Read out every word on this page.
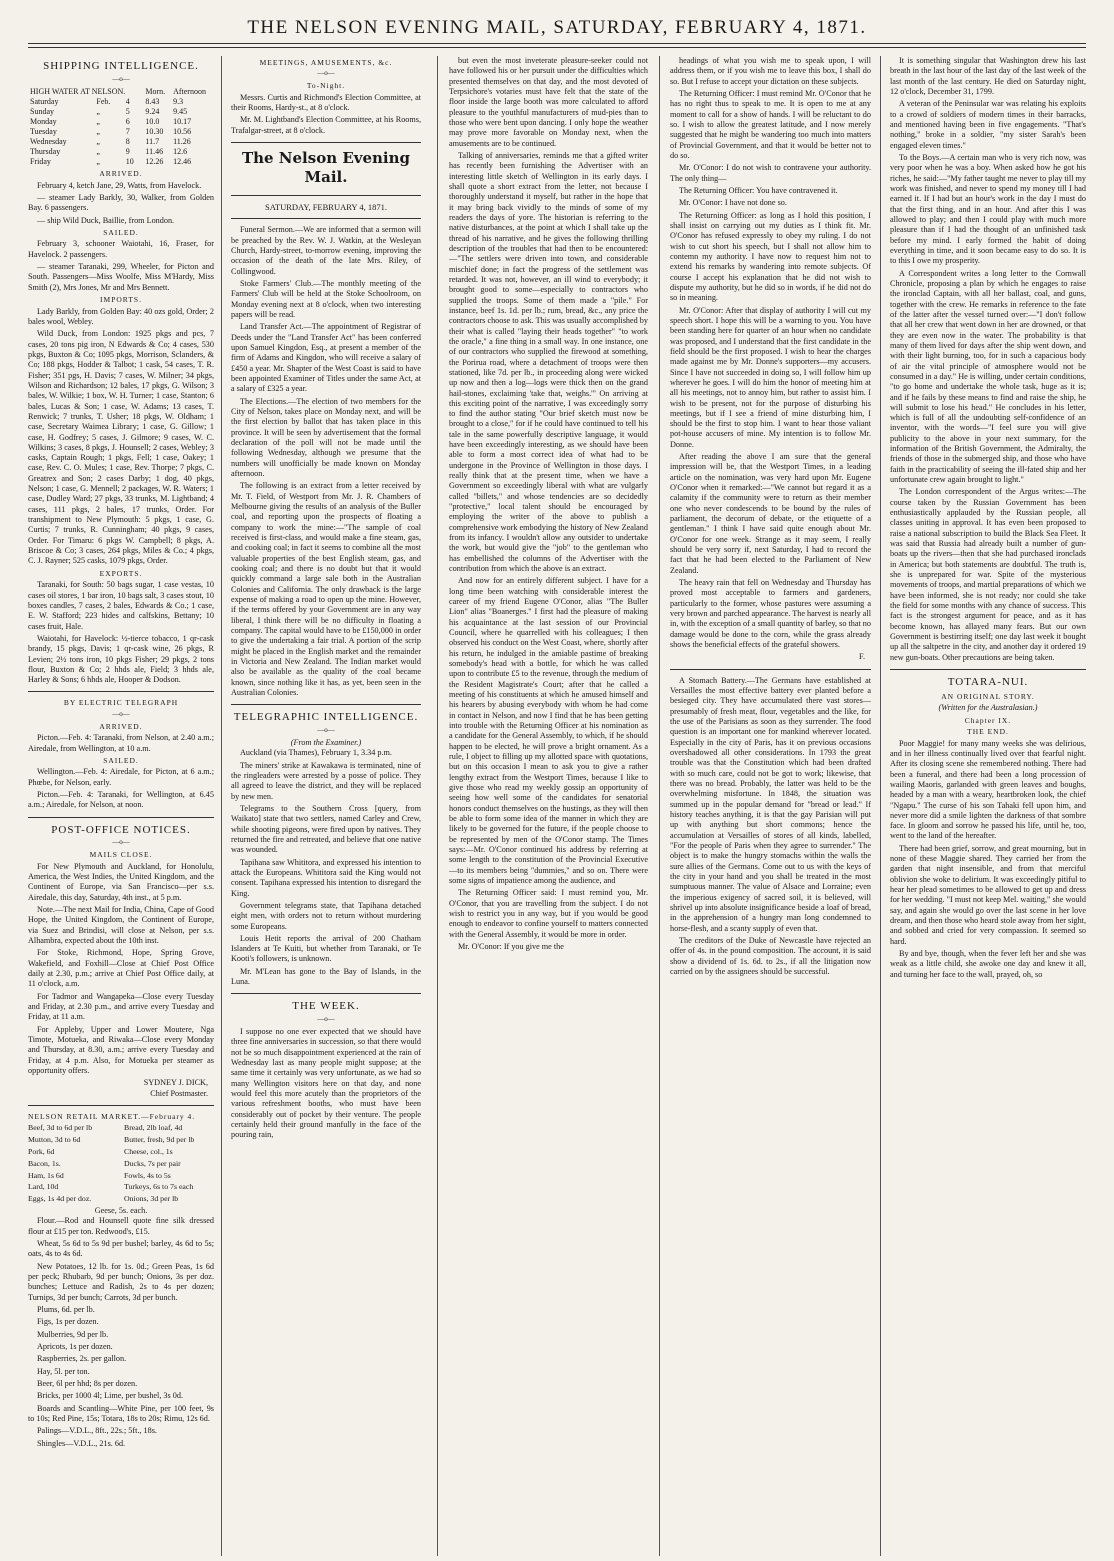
THE NELSON EVENING MAIL, SATURDAY, FEBRUARY 4, 1871.
SHIPPING INTELLIGENCE.
—o—
HIGH WATER AT NELSON.			Morn.	Afternoon
Saturday	Feb.	4	8.43	9.3
Sunday	„	5	9.24	9.45
Monday	„	6	10.0	10.17
Tuesday	„	7	10.30	10.56
Wednesday	„	8	11.7	11.26
Thursday	„	9	11.46	12.6
Friday	„	10	12.26	12.46
ARRIVED.

February 4, ketch Jane, 29, Watts, from Havelock.

— steamer Lady Barkly, 30, Walker, from Golden Bay. 6 passengers.

— ship Wild Duck, Baillie, from London.

SAILED.

February 3, schooner Waiotahi, 16, Fraser, for Havelock. 2 passengers.

— steamer Taranaki, 299, Wheeler, for Picton and South. Passengers—Miss Woolfe, Miss M'Hardy, Miss Smith (2), Mrs Jones, Mr and Mrs Bennett.

IMPORTS.

Lady Barkly, from Golden Bay: 40 ozs gold, Order; 2 bales wool, Webley.

Wild Duck, from London: 1925 pkgs and pcs, 7 cases, 20 tons pig iron, N Edwards & Co; 4 cases, 530 pkgs, Buxton & Co; 1095 pkgs, Morrison, Sclanders, & Co; 188 pkgs, Hodder & Talbot; 1 cask, 54 cases, T. R. Fisher; 351 pgs, H. Davis; 7 cases, W. Milner; 34 pkgs, Wilson and Richardson; 12 bales, 17 pkgs, G. Wilson; 3 bales, W. Wilkie; 1 box, W. H. Turner; 1 case, Stanton; 6 bales, Lucas & Son; 1 case, W. Adams; 13 cases, T. Renwick; 7 trunks, T. Usher; 18 pkgs, W. Oldham; 1 case, Secretary Waimea Library; 1 case, G. Gillow; 1 case, H. Godfrey; 5 cases, J. Gilmore; 9 cases, W. C. Wilkins; 3 cases, 8 pkgs, J. Hounsell; 2 cases, Webley; 3 casks, Captain Rough; 1 pkgs, Fell; 1 case, Oakey; 1 case, Rev. C. O. Mules; 1 case, Rev. Thorpe; 7 pkgs, C. Greatrex and Son; 2 cases Darby; 1 dog, 40 pkgs, Nelson; 1 case, G. Mennell; 2 packages, W. R. Waters; 1 case, Dudley Ward; 27 pkgs, 33 trunks, M. Lightband; 4 cases, 111 pkgs, 2 bales, 17 trunks, Order. For transhipment to New Plymouth: 5 pkgs, 1 case, G. Curtis; 7 trunks, R. Cunningham; 40 pkgs, 9 cases, Order. For Timaru: 6 pkgs W. Campbell; 8 pkgs, A. Briscoe & Co; 3 cases, 264 pkgs, Miles & Co.; 4 pkgs, C. J. Rayner; 525 casks, 1079 pkgs, Order.

EXPORTS.

Taranaki, for South: 50 bags sugar, 1 case vestas, 10 cases oil stores, 1 bar iron, 10 bags salt, 3 cases stout, 10 boxes candles, 7 cases, 2 bales, Edwards & Co.; 1 case, E. W. Stafford; 223 hides and calfskins, Bettany; 10 cases fruit, Hale.

Waiotahi, for Havelock: ½-tierce tobacco, 1 qr-cask brandy, 15 pkgs, Davis; 1 qr-cask wine, 26 pkgs, R Levien; 2½ tons iron, 10 pkgs Fisher; 29 pkgs, 2 tons flour, Buxton & Co; 2 hhds ale, Field; 3 hhds ale, Harley & Sons; 6 hhds ale, Hooper & Dodson.

BY ELECTRIC TELEGRAPH
—o—
ARRIVED.

Picton.—Feb. 4: Taranaki, from Nelson, at 2.40 a.m.; Airedale, from Wellington, at 10 a.m.

SAILED.

Wellington.—Feb. 4: Airedale, for Picton, at 6 a.m.; Phœbe, for Nelson, early.

Picton.—Feb. 4: Taranaki, for Wellington, at 6.45 a.m.; Airedale, for Nelson, at noon.

POST-OFFICE NOTICES.
—o—
MAILS CLOSE.

For New Plymouth and Auckland, for Honolulu, America, the West Indies, the United Kingdom, and the Continent of Europe, via San Francisco—per s.s. Airedale, this day, Saturday, 4th inst., at 5 p.m.

Note.—The next Mail for India, China, Cape of Good Hope, the United Kingdom, the Continent of Europe, via Suez and Brindisi, will close at Nelson, per s.s. Alhambra, expected about the 10th inst.

For Stoke, Richmond, Hope, Spring Grove, Wakefield, and Foxhill—Close at Chief Post Office daily at 2.30, p.m.; arrive at Chief Post Office daily, at 11 o'clock, a.m.

For Tadmor and Wangapeka—Close every Tuesday and Friday, at 2.30 p.m., and arrive every Tuesday and Friday, at 11 a.m.

For Appleby, Upper and Lower Moutere, Nga Timote, Motueka, and Riwaka—Close every Monday and Thursday, at 8.30, a.m.; arrive every Tuesday and Friday, at 4 p.m. Also, for Motueka per steamer as opportunity offers.

SYDNEY J. DICK,
Chief Postmaster.
NELSON RETAIL MARKET.—February 4.

Beef, 3d to 6d per lb

Mutton, 3d to 6d

Pork, 6d

Bacon, 1s.

Ham, 1s 6d

Lard, 10d

Eggs, 1s 4d per doz.

Bread, 2lb loaf, 4d

Butter, fresh, 9d per lb

Cheese, col., 1s

Ducks, 7s per pair

Fowls, 4s to 5s

Turkeys, 6s to 7s each

Onions, 3d per lb

Geese, 5s. each.

Flour.—Rod and Hounsell quote fine silk dressed flour at £15 per ton. Redwood's, £15.

Wheat, 5s 6d to 5s 9d per bushel; barley, 4s 6d to 5s; oats, 4s to 4s 6d.

New Potatoes, 12 lb. for 1s. 0d.; Green Peas, 1s 6d per peck; Rhubarb, 9d per bunch; Onions, 3s per doz. bunches; Lettuce and Radish, 2s to 4s per dozen; Turnips, 3d per bunch; Carrots, 3d per bunch.

Plums, 6d. per lb.

Figs, 1s per dozen.

Mulberries, 9d per lb.

Apricots, 1s per dozen.

Raspberries, 2s. per gallon.

Hay, 5l. per ton.

Beer, 6l per hhd; 8s per dozen.

Bricks, per 1000 4l; Lime, per bushel, 3s 0d.

Boards and Scantling—White Pine, per 100 feet, 9s to 10s; Red Pine, 15s; Totara, 18s to 20s; Rimu, 12s 6d.

Palings—V.D.L., 8ft., 22s.; 5ft., 18s.

Shingles—V.D.L., 21s. 6d.

MEETINGS, AMUSEMENTS, &c.
—o—
To-Night.

Messrs. Curtis and Richmond's Election Committee, at their Rooms, Hardy-st., at 8 o'clock.

Mr. M. Lightband's Election Committee, at his Rooms, Trafalgar-street, at 8 o'clock.

The Nelson Evening Mail.
SATURDAY, FEBRUARY 4, 1871.

Funeral Sermon.—We are informed that a sermon will be preached by the Rev. W. J. Watkin, at the Wesleyan Church, Hardy-street, to-morrow evening, improving the occasion of the death of the late Mrs. Riley, of Collingwood.

Stoke Farmers' Club.—The monthly meeting of the Farmers' Club will be held at the Stoke Schoolroom, on Monday evening next at 8 o'clock, when two interesting papers will be read.

Land Transfer Act.—The appointment of Registrar of Deeds under the "Land Transfer Act" has been conferred upon Samuel Kingdon, Esq., at present a member of the firm of Adams and Kingdon, who will receive a salary of £450 a year. Mr. Shapter of the West Coast is said to have been appointed Examiner of Titles under the same Act, at a salary of £325 a year.

The Elections.—The election of two members for the City of Nelson, takes place on Monday next, and will be the first election by ballot that has taken place in this province. It will be seen by advertisement that the formal declaration of the poll will not be made until the following Wednesday, although we presume that the numbers will unofficially be made known on Monday afternoon.

The following is an extract from a letter received by Mr. T. Field, of Westport from Mr. J. R. Chambers of Melbourne giving the results of an analysis of the Buller coal, and reporting upon the prospects of floating a company to work the mine:—"The sample of coal received is first-class, and would make a fine steam, gas, and cooking coal; in fact it seems to combine all the most valuable properties of the best English steam, gas, and cooking coal; and there is no doubt but that it would quickly command a large sale both in the Australian Colonies and California. The only drawback is the large expense of making a road to open up the mine. However, if the terms offered by your Government are in any way liberal, I think there will be no difficulty in floating a company. The capital would have to be £150,000 in order to give the undertaking a fair trial. A portion of the scrip might be placed in the English market and the remainder in Victoria and New Zealand. The Indian market would also be available as the quality of the coal became known, since nothing like it has, as yet, been seen in the Australian Colonies.

TELEGRAPHIC INTELLIGENCE.
—o—
(From the Examiner.)

Auckland (via Thames), February 1, 3.34 p.m.

The miners' strike at Kawakawa is terminated, nine of the ringleaders were arrested by a posse of police. They all agreed to leave the district, and they will be replaced by new men.

Telegrams to the Southern Cross [query, from Waikato] state that two settlers, named Carley and Crew, while shooting pigeons, were fired upon by natives. They returned the fire and retreated, and believe that one native was wounded.

Tapihana saw Whititora, and expressed his intention to attack the Europeans. Whititora said the King would not consent. Tapihana expressed his intention to disregard the King.

Government telegrams state, that Tapihana detached eight men, with orders not to return without murdering some Europeans.

Louis Hetit reports the arrival of 200 Chatham Islanders at Te Kuiti, but whether from Taranaki, or Te Kooti's followers, is unknown.

Mr. M'Lean has gone to the Bay of Islands, in the Luna.

THE WEEK.
—o—

I suppose no one ever expected that we should have three fine anniversaries in succession, so that there would not be so much disappointment experienced at the rain of Wednesday last as many people might suppose; at the same time it certainly was very unfortunate, as we had so many Wellington visitors here on that day, and none would feel this more acutely than the proprietors of the various refreshment booths, who must have been considerably out of pocket by their venture. The people certainly held their ground manfully in the face of the pouring rain,

but even the most inveterate pleasure-seeker could not have followed his or her pursuit under the difficulties which presented themselves on that day, and the most devoted of Terpsichore's votaries must have felt that the state of the floor inside the large booth was more calculated to afford pleasure to the youthful manufacturers of mud-pies than to those who were bent upon dancing. I only hope the weather may prove more favorable on Monday next, when the amusements are to be continued.

Talking of anniversaries, reminds me that a gifted writer has recently been furnishing the Advertiser with an interesting little sketch of Wellington in its early days. I shall quote a short extract from the letter, not because I thoroughly understand it myself, but rather in the hope that it may bring back vividly to the minds of some of my readers the days of yore. The historian is referring to the native disturbances, at the point at which I shall take up the thread of his narrative, and he gives the following thrilling description of the troubles that had then to be encountered:—"The settlers were driven into town, and considerable mischief done; in fact the progress of the settlement was retarded. It was not, however, an ill wind to everybody; it brought good to some—especially to contractors who supplied the troops. Some of them made a "pile." For instance, beef 1s. 1d. per lb.; rum, bread, &c., any price the contractors choose to ask. This was usually accomplished by their what is called "laying their heads together" "to work the oracle," a fine thing in a small way. In one instance, one of our contractors who supplied the firewood at something, the Porirua road, where a detachment of troops were then stationed, like 7d. per lb., in proceeding along were wicked up now and then a log—logs were thick then on the grand hail-stones, exclaiming 'take that, weighs.'" On arriving at this exciting point of the narrative, I was exceedingly sorry to find the author stating "Our brief sketch must now be brought to a close," for if he could have continued to tell his tale in the same powerfully descriptive language, it would have been exceedingly interesting, as we should have been able to form a most correct idea of what had to be undergone in the Province of Wellington in those days. I really think that at the present time, when we have a Government so exceedingly liberal with what are vulgarly called "billets," and whose tendencies are so decidedly "protective," local talent should be encouraged by employing the writer of the above to publish a comprehensive work embodying the history of New Zealand from its infancy. I wouldn't allow any outsider to undertake the work, but would give the "job" to the gentleman who has embellished the columns of the Advertiser with the contribution from which the above is an extract.

And now for an entirely different subject. I have for a long time been watching with considerable interest the career of my friend Eugene O'Conor, alias "The Buller Lion" alias "Boanerges." I first had the pleasure of making his acquaintance at the last session of our Provincial Council, where he quarrelled with his colleagues; I then observed his conduct on the West Coast, where, shortly after his return, he indulged in the amiable pastime of breaking somebody's head with a bottle, for which he was called upon to contribute £5 to the revenue, through the medium of the Resident Magistrate's Court; after that he called a meeting of his constituents at which he amused himself and his hearers by abusing everybody with whom he had come in contact in Nelson, and now I find that he has been getting into trouble with the Returning Officer at his nomination as a candidate for the General Assembly, to which, if he should happen to be elected, he will prove a bright ornament. As a rule, I object to filling up my allotted space with quotations, but on this occasion I mean to ask you to give a rather lengthy extract from the Westport Times, because I like to give those who read my weekly gossip an opportunity of seeing how well some of the candidates for senatorial honors conduct themselves on the hustings, as they will then be able to form some idea of the manner in which they are likely to be governed for the future, if the people choose to be represented by men of the O'Conor stamp. The Times says:—Mr. O'Conor continued his address by referring at some length to the constitution of the Provincial Executive—to its members being "dummies," and so on. There were some signs of impatience among the audience, and

The Returning Officer said: I must remind you, Mr. O'Conor, that you are travelling from the subject. I do not wish to restrict you in any way, but if you would be good enough to endeavor to confine yourself to matters connected with the General Assembly, it would be more in order.

Mr. O'Conor: If you give me the

headings of what you wish me to speak upon, I will address them, or if you wish me to leave this box, I shall do so. But I refuse to accept your dictation on these subjects.

The Returning Officer: I must remind Mr. O'Conor that he has no right thus to speak to me. It is open to me at any moment to call for a show of hands. I will be reluctant to do so. I wish to allow the greatest latitude, and I now merely suggested that he might be wandering too much into matters of Provincial Government, and that it would be better not to do so.

Mr. O'Conor: I do not wish to contravene your authority. The only thing—

The Returning Officer: You have contravened it.

Mr. O'Conor: I have not done so.

The Returning Officer: as long as I hold this position, I shall insist on carrying out my duties as I think fit. Mr. O'Conor has refused expressly to obey my ruling. I do not wish to cut short his speech, but I shall not allow him to contemn my authority. I have now to request him not to extend his remarks by wandering into remote subjects. Of course I accept his explanation that he did not wish to dispute my authority, but he did so in words, if he did not do so in meaning.

Mr. O'Conor: After that display of authority I will cut my speech short. I hope this will be a warning to you. You have been standing here for quarter of an hour when no candidate was proposed, and I understand that the first candidate in the field should be the first proposed. I wish to hear the charges made against me by Mr. Donne's supporters—my accusers. Since I have not succeeded in doing so, I will follow him up wherever he goes. I will do him the honor of meeting him at all his meetings, not to annoy him, but rather to assist him. I wish to be present, not for the purpose of disturbing his meetings, but if I see a friend of mine disturbing him, I should be the first to stop him. I want to hear those valiant pot-house accusers of mine. My intention is to follow Mr. Donne.

After reading the above I am sure that the general impression will be, that the Westport Times, in a leading article on the nomination, was very hard upon Mr. Eugene O'Conor when it remarked:—"We cannot but regard it as a calamity if the community were to return as their member one who never condescends to be bound by the rules of parliament, the decorum of debate, or the etiquette of a gentleman." I think I have said quite enough about Mr. O'Conor for one week. Strange as it may seem, I really should be very sorry if, next Saturday, I had to record the fact that he had been elected to the Parliament of New Zealand.

The heavy rain that fell on Wednesday and Thursday has proved most acceptable to farmers and gardeners, particularly to the former, whose pastures were assuming a very brown and parched appearance. The harvest is nearly all in, with the exception of a small quantity of barley, so that no damage would be done to the corn, while the grass already shows the beneficial effects of the grateful showers.

F.

A Stomach Battery.—The Germans have established at Versailles the most effective battery ever planted before a besieged city. They have accumulated there vast stores—presumably of fresh meat, flour, vegetables and the like, for the use of the Parisians as soon as they surrender. The food question is an important one for mankind wherever located. Especially in the city of Paris, has it on previous occasions overshadowed all other considerations. In 1793 the great trouble was that the Constitution which had been drafted with so much care, could not be got to work; likewise, that there was no bread. Probably, the latter was held to be the overwhelming misfortune. In 1848, the situation was summed up in the popular demand for "bread or lead." If history teaches anything, it is that the gay Parisian will put up with anything but short commons; hence the accumulation at Versailles of stores of all kinds, labelled, "For the people of Paris when they agree to surrender." The object is to make the hungry stomachs within the walls the sure allies of the Germans. Come out to us with the keys of the city in your hand and you shall be treated in the most sumptuous manner. The value of Alsace and Lorraine; even the imperious exigency of sacred soil, it is believed, will shrivel up into absolute insignificance beside a loaf of bread, in the apprehension of a hungry man long condemned to horse-flesh, and a scanty supply of even that.

The creditors of the Duke of Newcastle have rejected an offer of 4s. in the pound composition. The account, it is said show a dividend of 1s. 6d. to 2s., if all the litigation now carried on by the assignees should be successful.

It is something singular that Washington drew his last breath in the last hour of the last day of the last week of the last month of the last century. He died on Saturday night, 12 o'clock, December 31, 1799.

A veteran of the Peninsular war was relating his exploits to a crowd of soldiers of modern times in their barracks, and mentioned having been in five engagements. "That's nothing," broke in a soldier, "my sister Sarah's been engaged eleven times."

To the Boys.—A certain man who is very rich now, was very poor when he was a boy. When asked how he got his riches, he said:—"My father taught me never to play till my work was finished, and never to spend my money till I had earned it. If I had but an hour's work in the day I must do that the first thing, and in an hour. And after this I was allowed to play; and then I could play with much more pleasure than if I had the thought of an unfinished task before my mind. I early formed the habit of doing everything in time, and it soon became easy to do so. It is to this I owe my prosperity.

A Correspondent writes a long letter to the Cornwall Chronicle, proposing a plan by which he engages to raise the ironclad Captain, with all her ballast, coal, and guns, together with the crew. He remarks in reference to the fate of the latter after the vessel turned over:—"I don't follow that all her crew that went down in her are drowned, or that they are even now in the water. The probability is that many of them lived for days after the ship went down, and with their light burning, too, for in such a capacious body of air the vital principle of atmosphere would not be consumed in a day." He is willing, under certain conditions, "to go home and undertake the whole task, huge as it is; and if he fails by these means to find and raise the ship, he will submit to lose his head." He concludes in his letter, which is full of all the undoubting self-confidence of an inventor, with the words—"I feel sure you will give publicity to the above in your next summary, for the information of the British Government, the Admiralty, the friends of those in the submerged ship, and those who have faith in the practicability of seeing the ill-fated ship and her unfortunate crew again brought to light."

The London correspondent of the Argus writes:—The course taken by the Russian Government has been enthusiastically applauded by the Russian people, all classes uniting in approval. It has even been proposed to raise a national subscription to build the Black Sea Fleet. It was said that Russia had already built a number of gun-boats up the rivers—then that she had purchased ironclads in America; but both statements are doubtful. The truth is, she is unprepared for war. Spite of the mysterious movements of troops, and martial preparations of which we have been informed, she is not ready; nor could she take the field for some months with any chance of success. This fact is the strongest argument for peace, and as it has become known, has allayed many fears. But our own Government is bestirring itself; one day last week it bought up all the saltpetre in the city, and another day it ordered 19 new gun-boats. Other precautions are being taken.

TOTARA-NUI.
AN ORIGINAL STORY.
(Written for the Australasian.)
Chapter IX.
THE END.

Poor Maggie! for many many weeks she was delirious, and in her illness continually lived over that fearful night. After its closing scene she remembered nothing. There had been a funeral, and there had been a long procession of wailing Maoris, garlanded with green leaves and boughs, headed by a man with a weary, heartbroken look, the chief "Ngapu." The curse of his son Tahaki fell upon him, and never more did a smile lighten the darkness of that sombre face. In gloom and sorrow he passed his life, until he, too, went to the land of the hereafter.

There had been grief, sorrow, and great mourning, but in none of these Maggie shared. They carried her from the garden that night insensible, and from that merciful oblivion she woke to delirium. It was exceedingly pitiful to hear her plead sometimes to be allowed to get up and dress for her wedding. "I must not keep Mel. waiting," she would say, and again she would go over the last scene in her love dream, and then those who heard stole away from her sight, and sobbed and cried for very compassion. It seemed so hard.

By and bye, though, when the fever left her and she was weak as a little child, she awoke one day and knew it all, and turning her face to the wall, prayed, oh, so
